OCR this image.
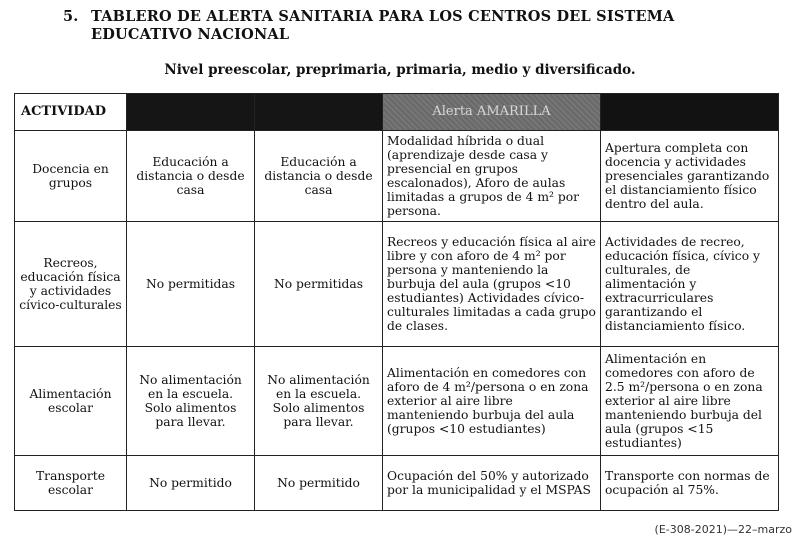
5. TABLERO DE ALERTA SANITARIA PARA LOS CENTROS DEL SISTEMA EDUCATIVO NACIONAL
Nivel preescolar, preprimaria, primaria, medio y diversificado.
ACTIVIDAD			Alerta AMARILLA	
Docencia en grupos	Educación a distancia o desde casa	Educación a distancia o desde casa	Modalidad híbrida o dual (aprendizaje desde casa y presencial en grupos escalonados), Aforo de aulas limitadas a grupos de 4 m² por persona.	Apertura completa con docencia y actividades presenciales garantizando el distanciamiento físico dentro del aula.
Recreos, educación física y actividades cívico-culturales	No permitidas	No permitidas	Recreos y educación física al aire libre y con aforo de 4 m² por persona y manteniendo la burbuja del aula (grupos <10 estudiantes) Actividades cívico-culturales limitadas a cada grupo de clases.	Actividades de recreo, educación física, cívico y culturales, de alimentación y extracurriculares garantizando el distanciamiento físico.
Alimentación escolar	No alimentación en la escuela. Solo alimentos para llevar.	No alimentación en la escuela. Solo alimentos para llevar.	Alimentación en comedores con aforo de 4 m²/persona o en zona exterior al aire libre manteniendo burbuja del aula (grupos <10 estudiantes)	Alimentación en comedores con aforo de 2.5 m²/persona o en zona exterior al aire libre manteniendo burbuja del aula (grupos <15 estudiantes)
Transporte escolar	No permitido	No permitido	Ocupación del 50% y autorizado por la municipalidad y el MSPAS	Transporte con normas de ocupación al 75%.
(E-308-2021)—22–marzo
